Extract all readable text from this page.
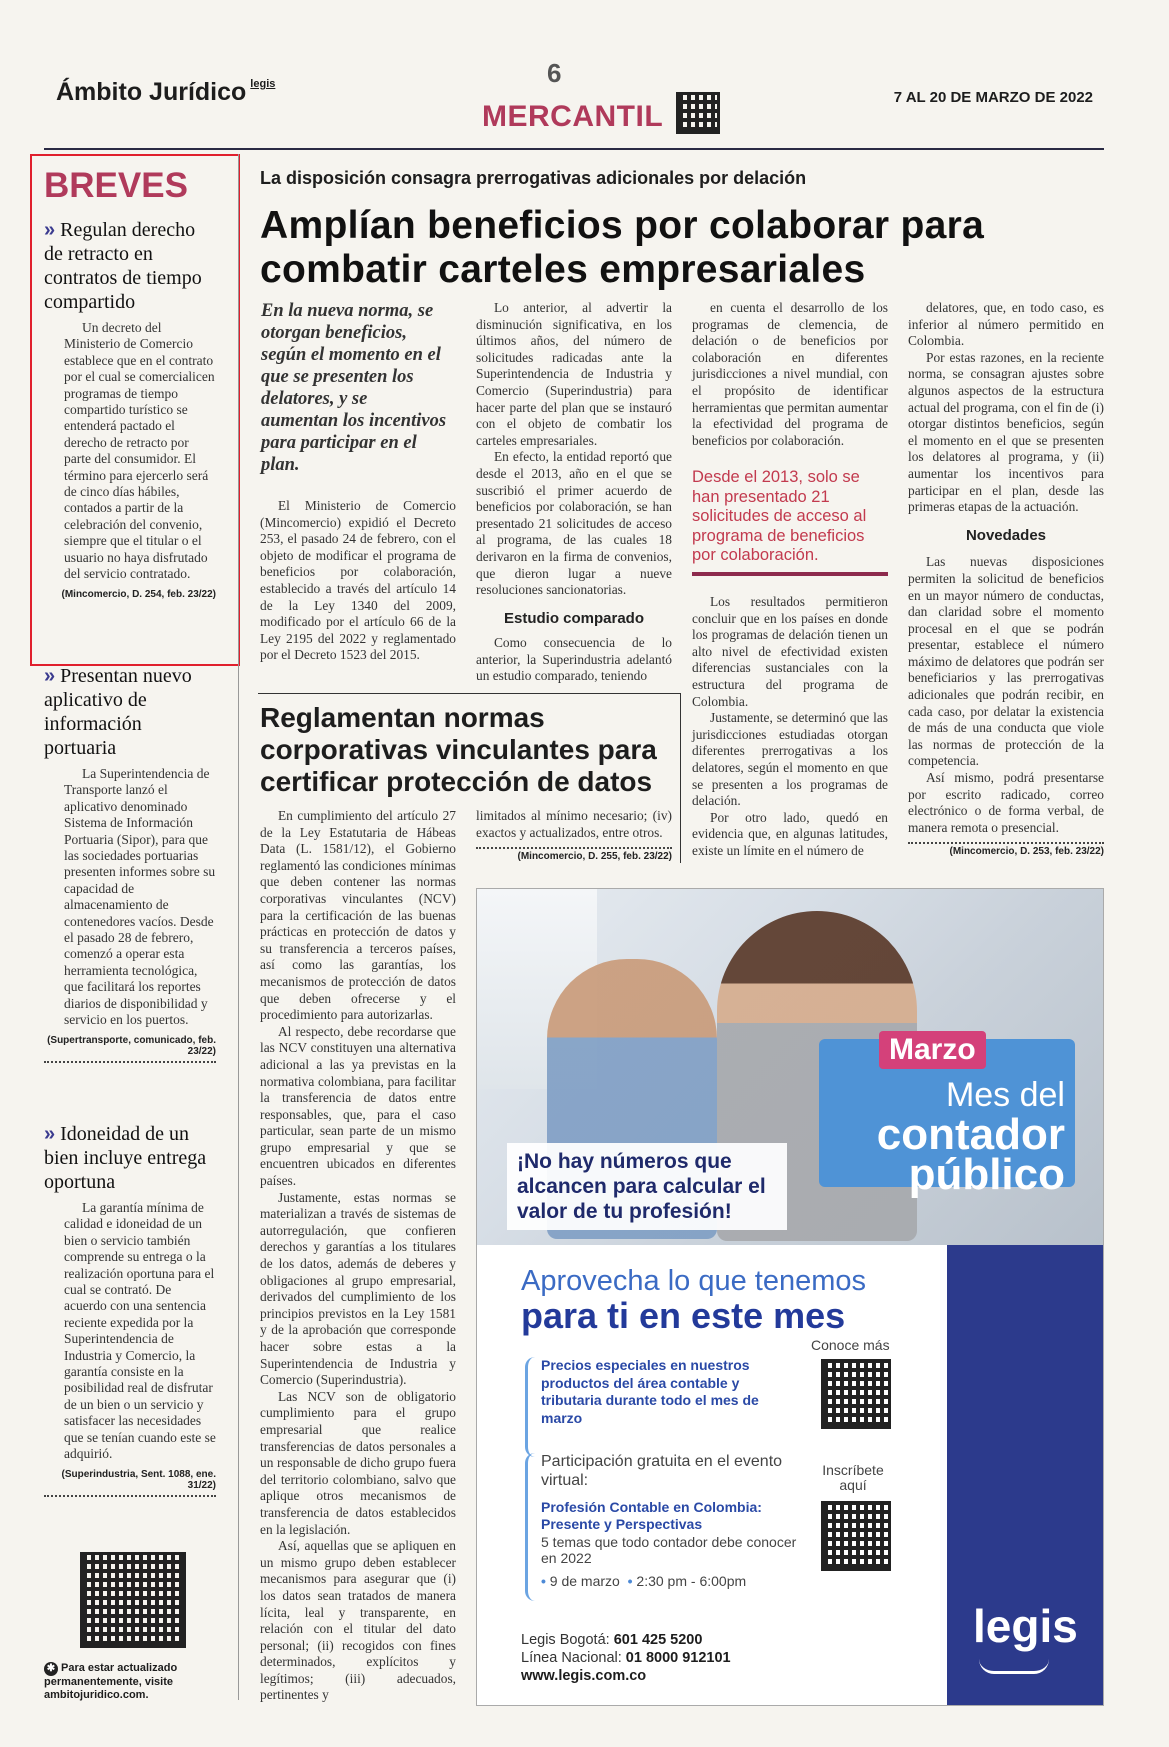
Ámbito Jurídico $^{legis}$	6
MERCANTIL
7 AL 20 DE MARZO DE 2022
BREVES
» Regulan derecho de retracto en contratos de tiempo compartido
Un decreto del Ministerio de Comercio establece que en el contrato por el cual se comercialicen programas de tiempo compartido turístico se entenderá pactado el derecho de retracto por parte del consumidor. El término para ejercerlo será de cinco días hábiles, contados a partir de la celebración del convenio, siempre que el titular o el usuario no haya disfrutado del servicio contratado.
(Mincomercio, D. 254, feb. 23/22)
» Presentan nuevo aplicativo de información portuaria
La Superintendencia de Transporte lanzó el aplicativo denominado Sistema de Información Portuaria (Sipor), para que las sociedades portuarias presenten informes sobre su capacidad de almacenamiento de contenedores vacíos. Desde el pasado 28 de febrero, comenzó a operar esta herramienta tecnológica, que facilitará los reportes diarios de disponibilidad y servicio en los puertos.
(Supertransporte, comunicado, feb. 23/22)
» Idoneidad de un bien incluye entrega oportuna
La garantía mínima de calidad e idoneidad de un bien o servicio también comprende su entrega o la realización oportuna para el cual se contrató. De acuerdo con una sentencia reciente expedida por la Superintendencia de Industria y Comercio, la garantía consiste en la posibilidad real de disfrutar de un bien o un servicio y satisfacer las necesidades que se tenían cuando este se adquirió.
(Superindustria, Sent. 1088, ene. 31/22)
✱ Para estar actualizado permanentemente, visite ambitojuridico.com.
La disposición consagra prerrogativas adicionales por delación
Amplían beneficios por colaborar para combatir carteles empresariales
En la nueva norma, se otorgan beneficios, según el momento en el que se presenten los delatores, y se aumentan los incentivos para participar en el plan.

El Ministerio de Comercio (Mincomercio) expidió el Decreto 253, el pasado 24 de febrero, con el objeto de modificar el programa de beneficios por colaboración, establecido a través del artículo 14 de la Ley 1340 del 2009, modificado por el artículo 66 de la Ley 2195 del 2022 y reglamentado por el Decreto 1523 del 2015.

Lo anterior, al advertir la disminución significativa, en los últimos años, del número de solicitudes radicadas ante la Superintendencia de Industria y Comercio (Superindustria) para hacer parte del plan que se instauró con el objeto de combatir los carteles empresariales.

En efecto, la entidad reportó que desde el 2013, año en el que se suscribió el primer acuerdo de beneficios por colaboración, se han presentado 21 solicitudes de acceso al programa, de las cuales 18 derivaron en la firma de convenios, que dieron lugar a nueve resoluciones sancionatorias.

Estudio comparado

Como consecuencia de lo anterior, la Superindustria adelantó un estudio comparado, teniendo

en cuenta el desarrollo de los programas de clemencia, de delación o de beneficios por colaboración en diferentes jurisdicciones a nivel mundial, con el propósito de identificar herramientas que permitan aumentar la efectividad del programa de beneficios por colaboración.

Desde el 2013, solo se han presentado 21 solicitudes de acceso al programa de beneficios por colaboración.

Los resultados permitieron concluir que en los países en donde los programas de delación tienen un alto nivel de efectividad existen diferencias sustanciales con la estructura del programa de Colombia.

Justamente, se determinó que las jurisdicciones estudiadas otorgan diferentes prerrogativas a los delatores, según el momento en que se presenten a los programas de delación.

Por otro lado, quedó en evidencia que, en algunas latitudes, existe un límite en el número de

delatores, que, en todo caso, es inferior al número permitido en Colombia.

Por estas razones, en la reciente norma, se consagran ajustes sobre algunos aspectos de la estructura actual del programa, con el fin de (i) otorgar distintos beneficios, según el momento en el que se presenten los delatores al programa, y (ii) aumentar los incentivos para participar en el plan, desde las primeras etapas de la actuación.

Novedades

Las nuevas disposiciones permiten la solicitud de beneficios en un mayor número de conductas, dan claridad sobre el momento procesal en el que se podrán presentar, establece el número máximo de delatores que podrán ser beneficiarios y las prerrogativas adicionales que podrán recibir, en cada caso, por delatar la existencia de más de una conducta que viole las normas de protección de la competencia.

Así mismo, podrá presentarse por escrito radicado, correo electrónico o de forma verbal, de manera remota o presencial.

(Mincomercio, D. 253, feb. 23/22)
Reglamentan normas corporativas vinculantes para certificar protección de datos

En cumplimiento del artículo 27 de la Ley Estatutaria de Hábeas Data (L. 1581/12), el Gobierno reglamentó las condiciones mínimas que deben contener las normas corporativas vinculantes (NCV) para la certificación de las buenas prácticas en protección de datos y su transferencia a terceros países, así como las garantías, los mecanismos de protección de datos que deben ofrecerse y el procedimiento para autorizarlas.

Al respecto, debe recordarse que las NCV constituyen una alternativa adicional a las ya previstas en la normativa colombiana, para facilitar la transferencia de datos entre responsables, que, para el caso particular, sean parte de un mismo grupo empresarial y que se encuentren ubicados en diferentes países.

Justamente, estas normas se materializan a través de sistemas de autorregulación, que confieren derechos y garantías a los titulares de los datos, además de deberes y obligaciones al grupo empresarial, derivados del cumplimiento de los principios previstos en la Ley 1581 y de la aprobación que corresponde hacer sobre estas a la Superintendencia de Industria y Comercio (Superindustria).

Las NCV son de obligatorio cumplimiento para el grupo empresarial que realice transferencias de datos personales a un responsable de dicho grupo fuera del territorio colombiano, salvo que aplique otros mecanismos de transferencia de datos establecidos en la legislación.

Así, aquellas que se apliquen en un mismo grupo deben establecer mecanismos para asegurar que (i) los datos sean tratados de manera lícita, leal y transparente, en relación con el titular del dato personal; (ii) recogidos con fines determinados, explícitos y legítimos; (iii) adecuados, pertinentes y

limitados al mínimo necesario; (iv) exactos y actualizados, entre otros.

(Mincomercio, D. 255, feb. 23/22)
Marzo
Mes del
contador
público
¡No hay números que alcancen para calcular el valor de tu profesión!
Aprovecha lo que tenemos
para ti en este mes
Conoce más
Precios especiales en nuestros productos del área contable y tributaria durante todo el mes de marzo
Participación gratuita en el evento virtual:
Inscríbete aquí
Profesión Contable en Colombia: Presente y Perspectivas
5 temas que todo contador debe conocer en 2022
• 9 de marzo • 2:30 pm - 6:00pm
Legis Bogotá: 601 425 5200
Línea Nacional: 01 8000 912101
www.legis.com.co
legis
